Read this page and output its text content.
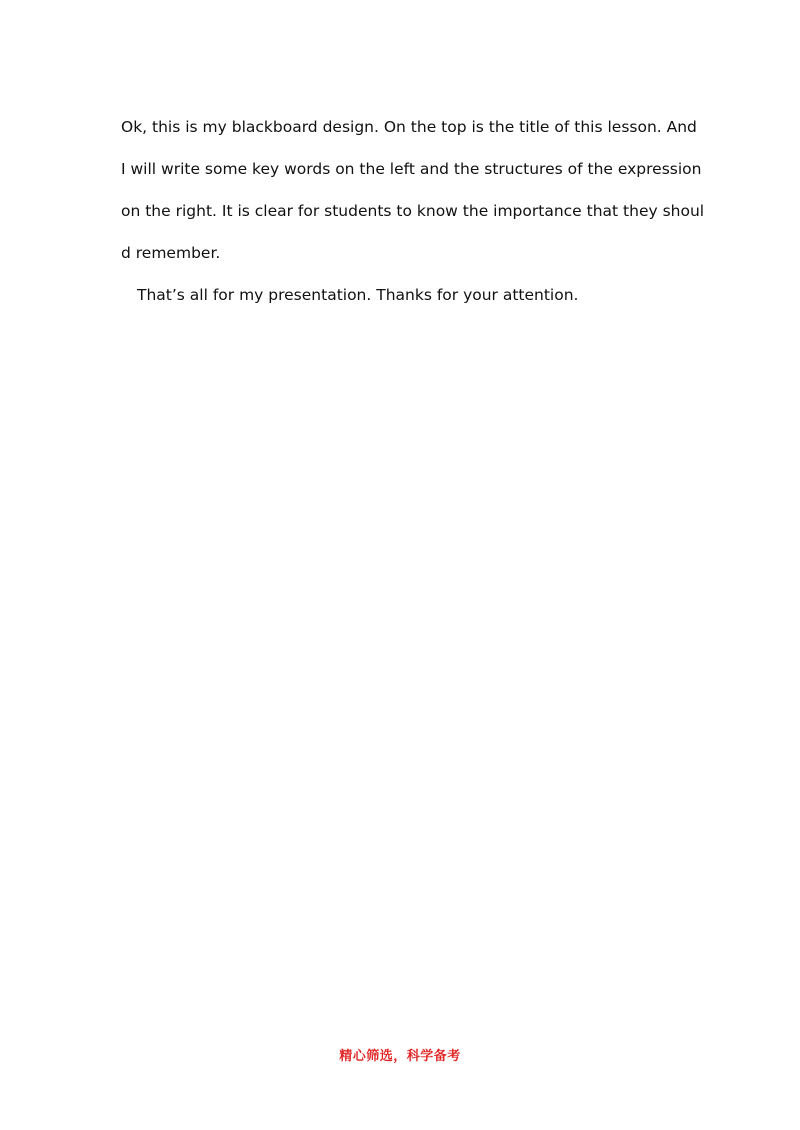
Ok, this is my blackboard design. On the top is the title of this lesson. And
I will write some key words on the left and the structures of the expression
on the right. It is clear for students to know the importance that they shoul
d remember.
That’s all for my presentation. Thanks for your attention.
精心筛选，科学备考
